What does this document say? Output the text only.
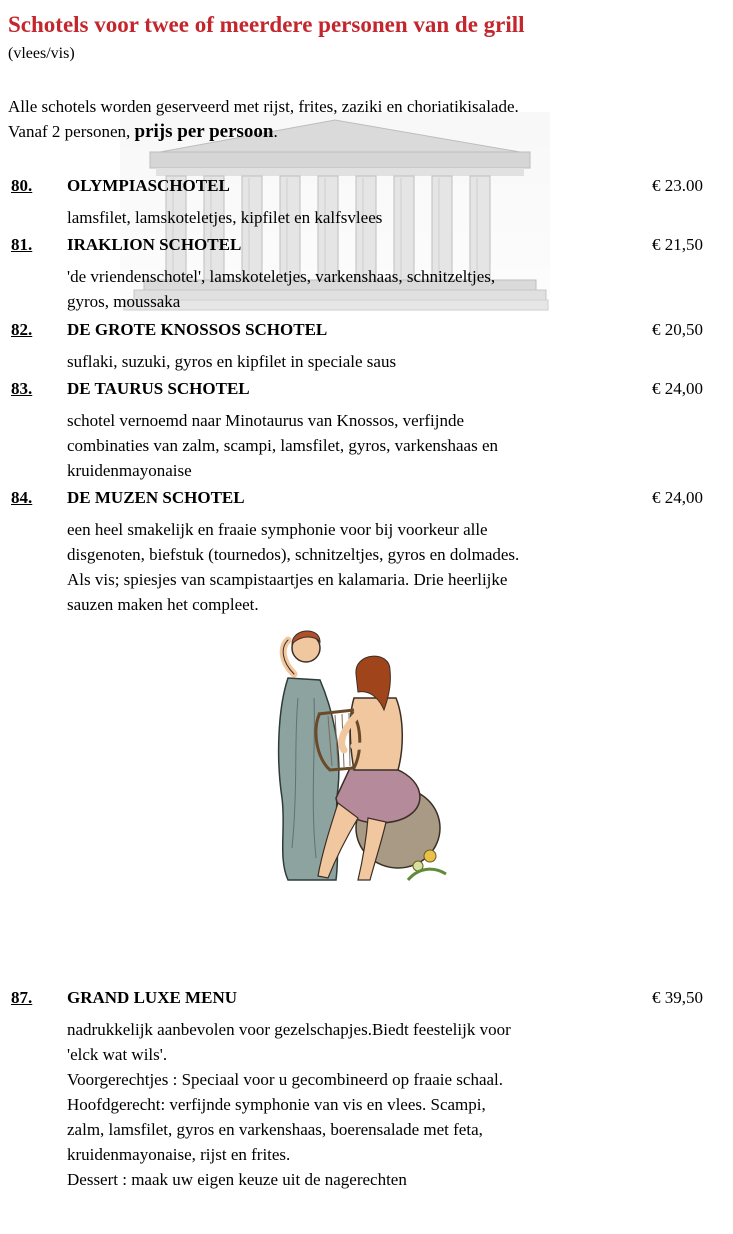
Schotels voor twee of meerdere personen van de grill
(vlees/vis)
Alle schotels worden geserveerd met rijst, frites, zaziki en choriatikisalade.
Vanaf 2 personen, prijs per persoon.
80. OLYMPIASCHOTEL	€ 23.00
lamsfilet, lamskoteletjes, kipfilet en kalfsvlees
81. IRAKLION SCHOTEL	€ 21,50
'de vriendenschotel', lamskoteletjes, varkenshaas, schnitzeltjes,
gyros, moussaka
82. DE GROTE KNOSSOS SCHOTEL	€ 20,50
suflaki, suzuki, gyros en kipfilet in speciale saus
83. DE TAURUS SCHOTEL	€ 24,00
schotel vernoemd naar Minotaurus van Knossos, verfijnde
combinaties van zalm, scampi, lamsfilet, gyros, varkenshaas en
kruidenmayonaise
84. DE MUZEN SCHOTEL	€ 24,00
een heel smakelijk en fraaie symphonie voor bij voorkeur alle
disgenoten, biefstuk (tournedos), schnitzeltjes, gyros en dolmades.
Als vis; spiesjes van scampistaartjes en kalamaria. Drie heerlijke
sauzen maken het compleet.
87. GRAND LUXE MENU	€ 39,50
nadrukkelijk aanbevolen voor gezelschapjes.Biedt feestelijk voor
'elck wat wils'.
Voorgerechtjes : Speciaal voor u gecombineerd op fraaie schaal.
Hoofdgerecht: verfijnde symphonie van vis en vlees. Scampi,
zalm, lamsfilet, gyros en varkenshaas, boerensalade met feta,
kruidenmayonaise, rijst en frites.
Dessert : maak uw eigen keuze uit de nagerechten
